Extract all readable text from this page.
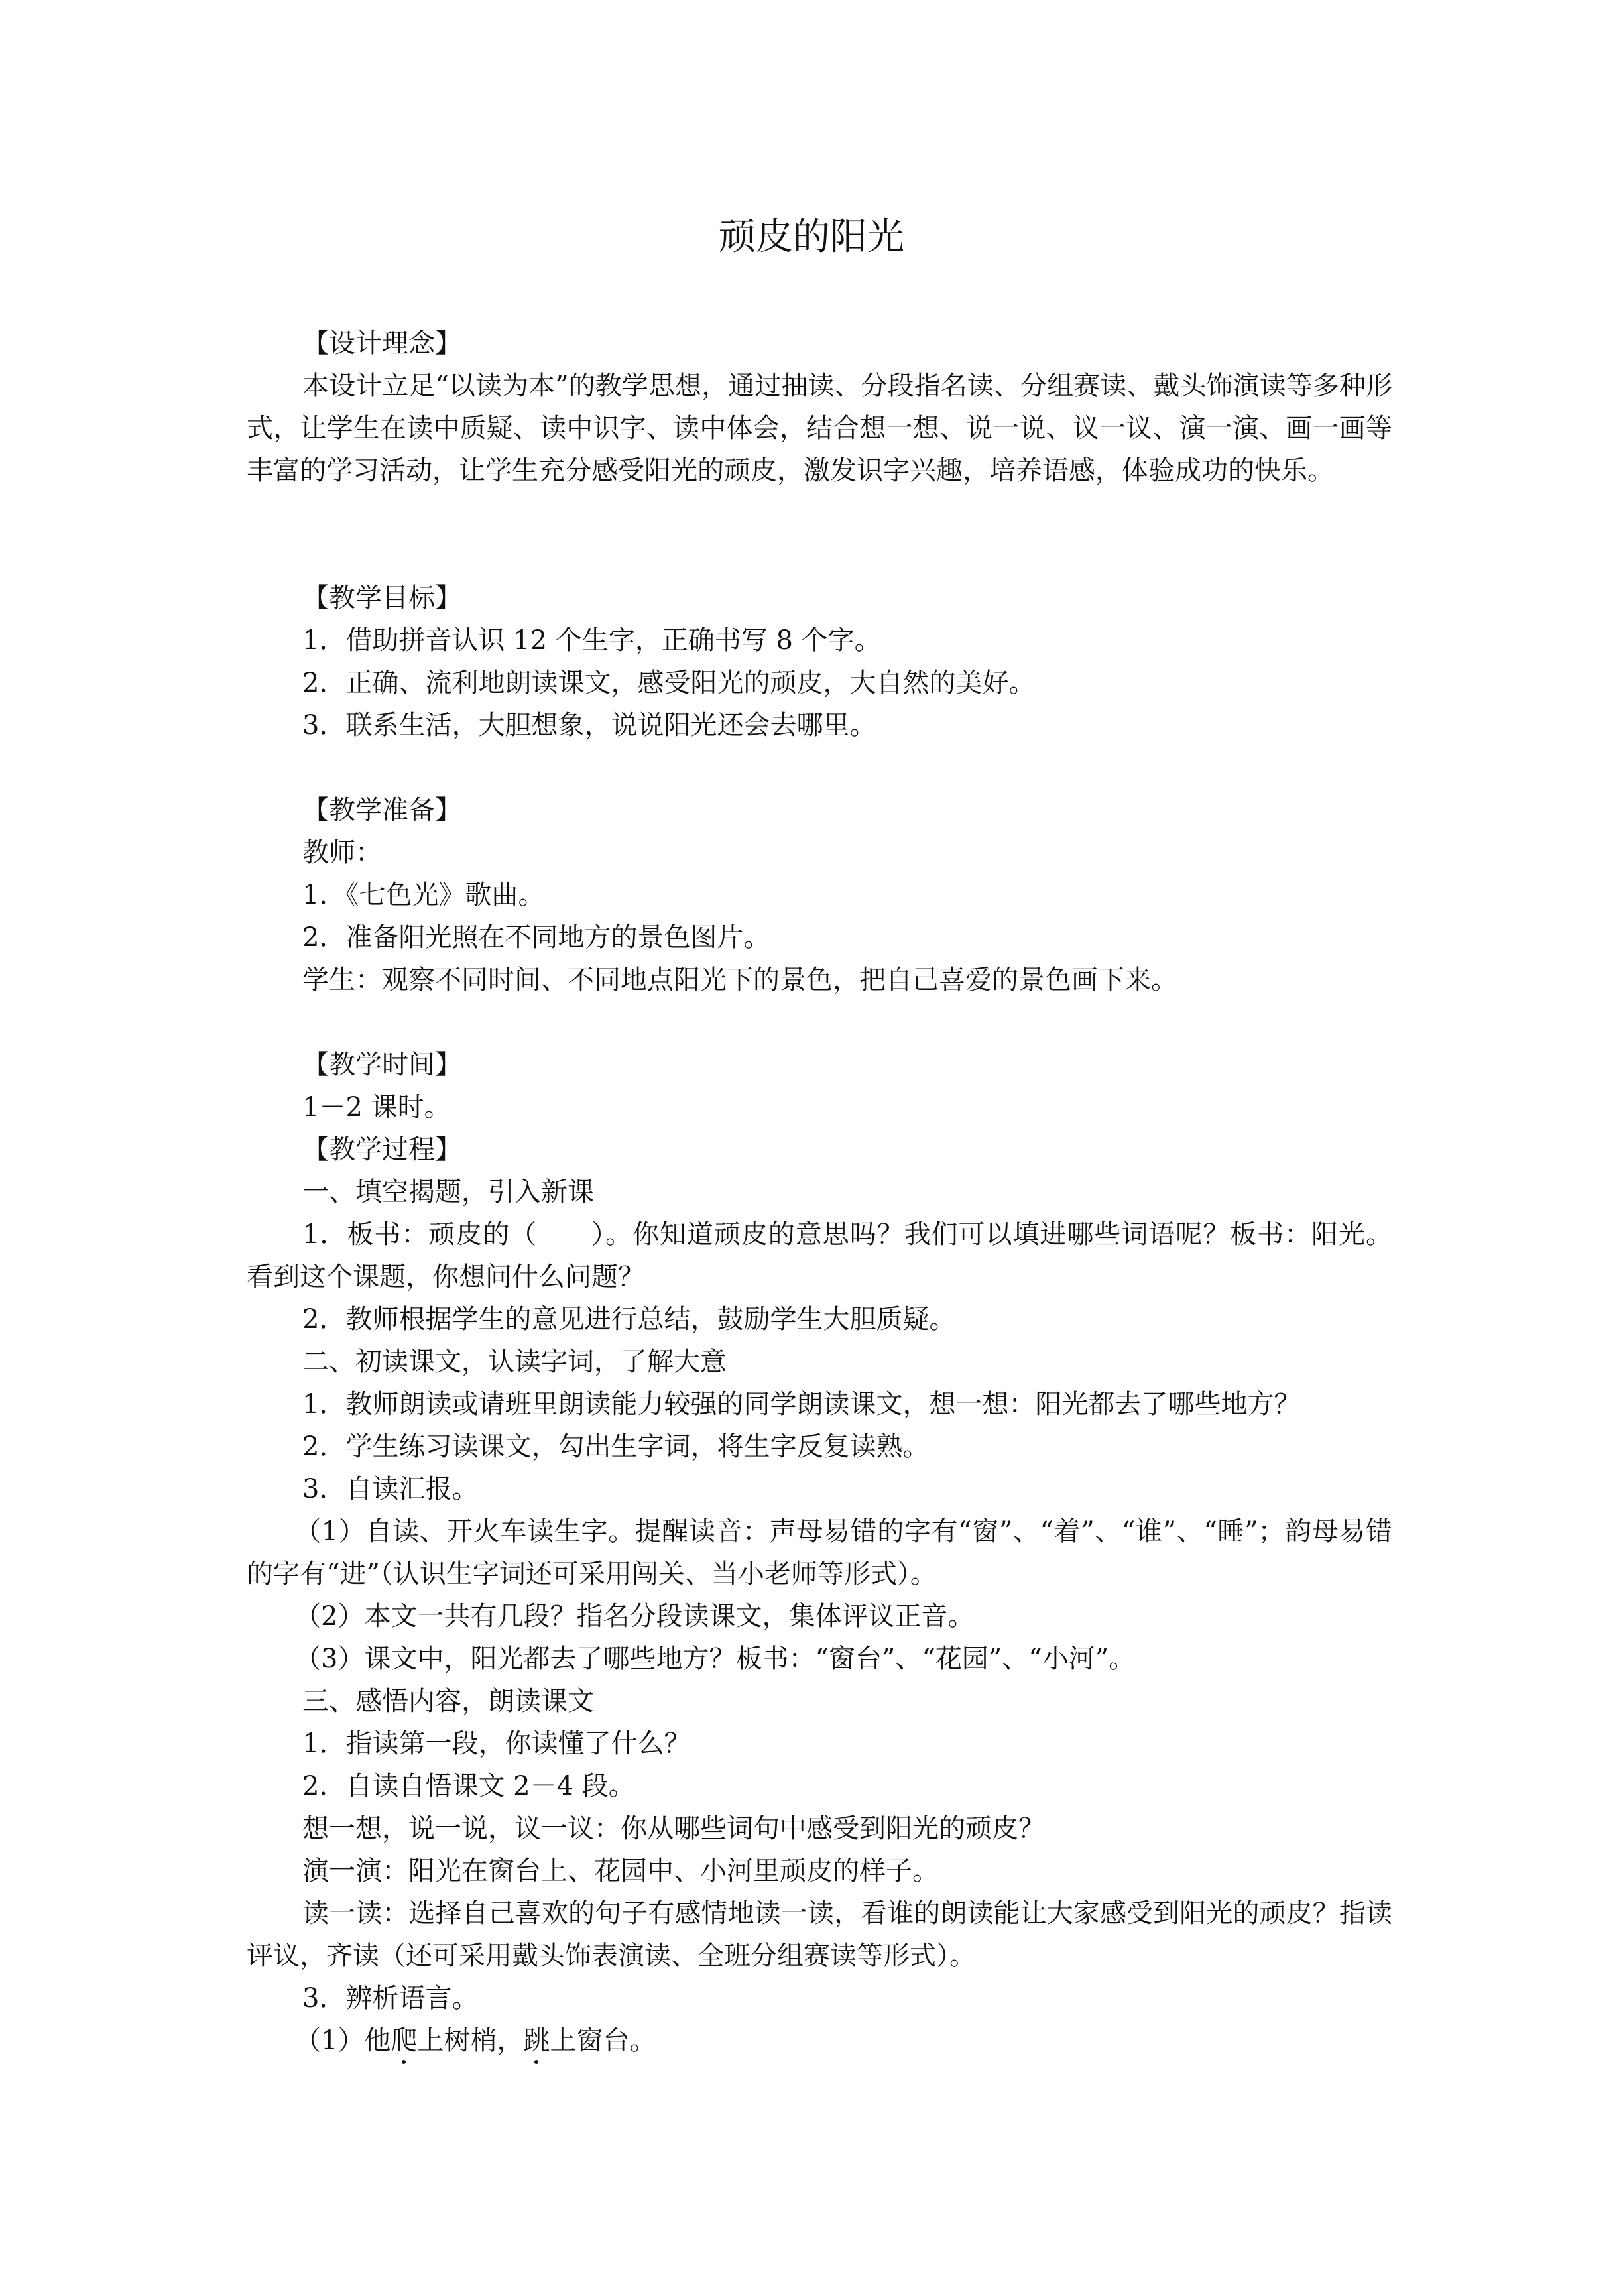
顽皮的阳光
【设计理念】
本设计立足“以读为本”的教学思想，通过抽读、分段指名读、分组赛读、戴头饰演读等多种形式，让学生在读中质疑、读中识字、读中体会，结合想一想、说一说、议一议、演一演、画一画等丰富的学习活动，让学生充分感受阳光的顽皮，激发识字兴趣，培养语感，体验成功的快乐。
【教学目标】
1．借助拼音认识 12 个生字，正确书写 8 个字。
2．正确、流利地朗读课文，感受阳光的顽皮，大自然的美好。
3．联系生活，大胆想象，说说阳光还会去哪里。
【教学准备】
教师：
1．《七色光》歌曲。
2．准备阳光照在不同地方的景色图片。
学生：观察不同时间、不同地点阳光下的景色，把自己喜爱的景色画下来。
【教学时间】
1－2 课时。
【教学过程】
一、填空揭题，引入新课
1．板书：顽皮的（　　）。你知道顽皮的意思吗？我们可以填进哪些词语呢？板书：阳光。看到这个课题，你想问什么问题？
2．教师根据学生的意见进行总结，鼓励学生大胆质疑。
二、初读课文，认读字词，了解大意
1．教师朗读或请班里朗读能力较强的同学朗读课文，想一想：阳光都去了哪些地方？
2．学生练习读课文，勾出生字词，将生字反复读熟。
3．自读汇报。
（1）自读、开火车读生字。提醒读音：声母易错的字有“窗”、“着”、“谁”、“睡”；韵母易错的字有“进”（认识生字词还可采用闯关、当小老师等形式）。
（2）本文一共有几段？指名分段读课文，集体评议正音。
（3）课文中，阳光都去了哪些地方？板书：“窗台”、“花园”、“小河”。
三、感悟内容，朗读课文
1．指读第一段，你读懂了什么？
2．自读自悟课文 2－4 段。
想一想，说一说，议一议：你从哪些词句中感受到阳光的顽皮？
演一演：阳光在窗台上、花园中、小河里顽皮的样子。
读一读：选择自己喜欢的句子有感情地读一读，看谁的朗读能让大家感受到阳光的顽皮？指读评议，齐读（还可采用戴头饰表演读、全班分组赛读等形式）。
3．辨析语言。
（1）他爬上树梢，跳上窗台。
